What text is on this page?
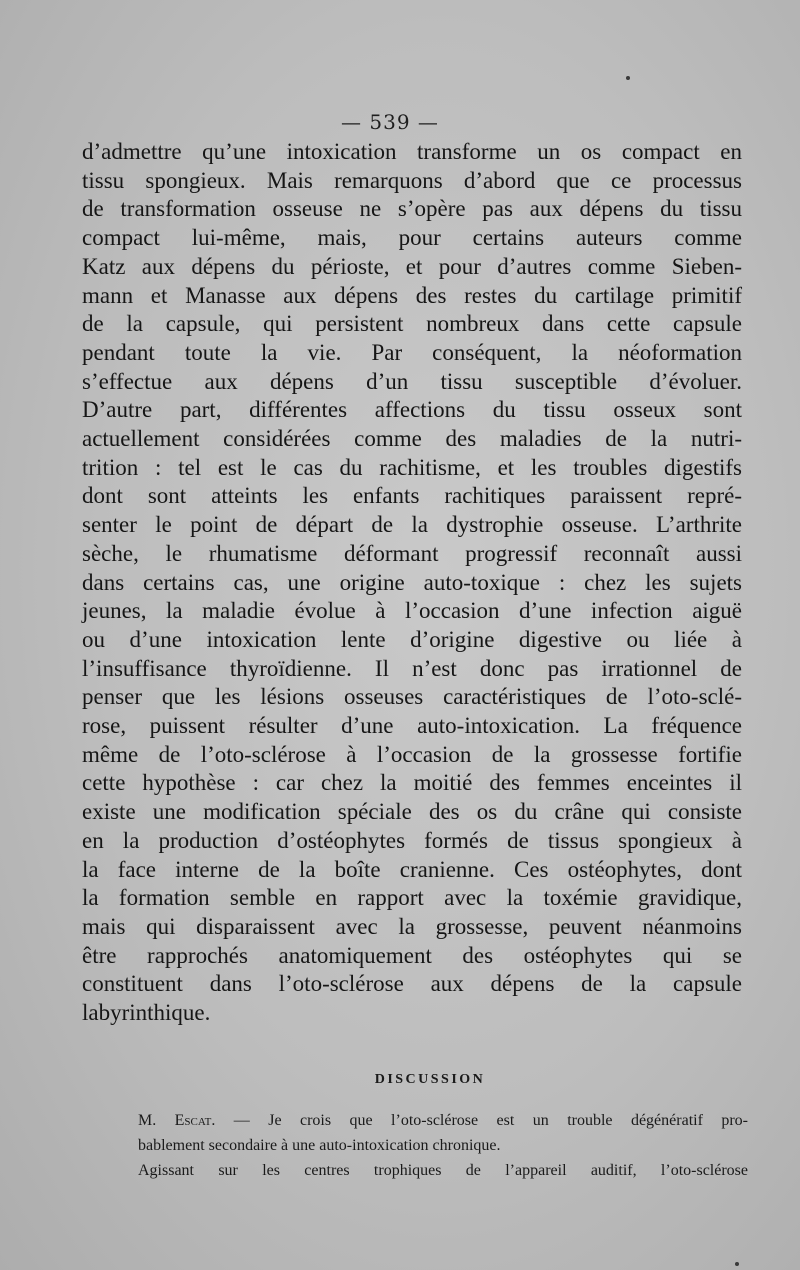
— 539 —
d’admettre qu’une intoxication transforme un os compact en
tissu spongieux. Mais remarquons d’abord que ce processus
de transformation osseuse ne s’opère pas aux dépens du tissu
compact lui-même, mais, pour certains auteurs comme
Katz aux dépens du périoste, et pour d’autres comme Sieben-
mann et Manasse aux dépens des restes du cartilage primitif
de la capsule, qui persistent nombreux dans cette capsule
pendant toute la vie. Par conséquent, la néoformation
s’effectue aux dépens d’un tissu susceptible d’évoluer.
D’autre part, différentes affections du tissu osseux sont
actuellement considérées comme des maladies de la nutri-
trition : tel est le cas du rachitisme, et les troubles digestifs
dont sont atteints les enfants rachitiques paraissent repré-
senter le point de départ de la dystrophie osseuse. L’arthrite
sèche, le rhumatisme déformant progressif reconnaît aussi
dans certains cas, une origine auto-toxique : chez les sujets
jeunes, la maladie évolue à l’occasion d’une infection aiguë
ou d’une intoxication lente d’origine digestive ou liée à
l’insuffisance thyroïdienne. Il n’est donc pas irrationnel de
penser que les lésions osseuses caractéristiques de l’oto-sclé-
rose, puissent résulter d’une auto-intoxication. La fréquence
même de l’oto-sclérose à l’occasion de la grossesse fortifie
cette hypothèse : car chez la moitié des femmes enceintes il
existe une modification spéciale des os du crâne qui consiste
en la production d’ostéophytes formés de tissus spongieux à
la face interne de la boîte cranienne. Ces ostéophytes, dont
la formation semble en rapport avec la toxémie gravidique,
mais qui disparaissent avec la grossesse, peuvent néanmoins
être rapprochés anatomiquement des ostéophytes qui se
constituent dans l’oto-sclérose aux dépens de la capsule
labyrinthique.
DISCUSSION
M. Escat. — Je crois que l’oto-sclérose est un trouble dégénératif pro-
bablement secondaire à une auto-intoxication chronique.
Agissant sur les centres trophiques de l’appareil auditif, l’oto-sclérose
